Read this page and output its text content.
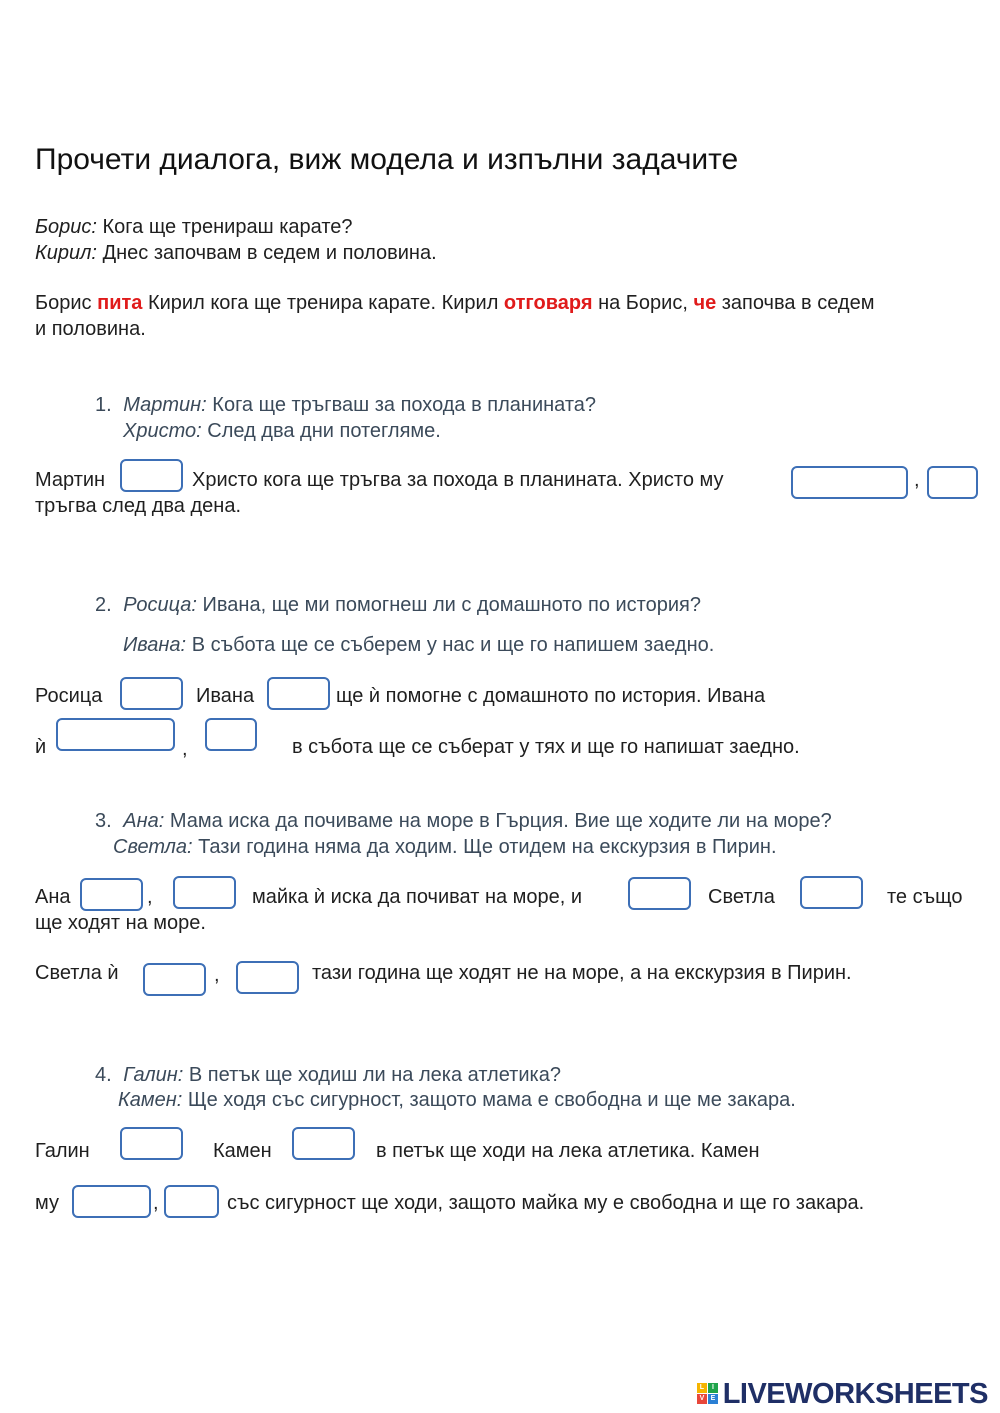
Прочети диалога, виж модела и изпълни задачите
Борис: Кога ще тренираш карате?
Кирил: Днес започвам в седем и половина.
Борис пита Кирил кога ще тренира карате. Кирил отговаря на Борис, че започва в седем
и половина.
1. Мартин: Кога ще тръгваш за похода в планината?
Христо: След два дни потегляме.
Мартин	Христо кога ще тръгва за похода в планината. Христо му	,
тръгва след два дена.
2. Росица: Ивана, ще ми помогнеш ли с домашното по история?
Ивана: В събота ще се съберем у нас и ще го напишем заедно.
Росица	Ивана	ще ѝ помогне с домашното по история. Ивана
ѝ	,	в събота ще се съберат у тях и ще го напишат заедно.
3. Ана: Мама иска да почиваме на море в Гърция. Вие ще ходите ли на море?
Светла: Тази година няма да ходим. Ще отидем на екскурзия в Пирин.
Ана	,	майка ѝ иска да почиват на море, и	Светла	те също
ще ходят на море.
Светла ѝ	,	тази година ще ходят не на море, а на екскурзия в Пирин.
4. Галин: В петък ще ходиш ли на лека атлетика?
Камен: Ще ходя със сигурност, защото мама е свободна и ще ме закара.
Галин	Камен	в петък ще ходи на лека атлетика. Камен
му	,	със сигурност ще ходи, защото майка му е свободна и ще го закара.
L	I
V E LIVEWORKSHEETS
